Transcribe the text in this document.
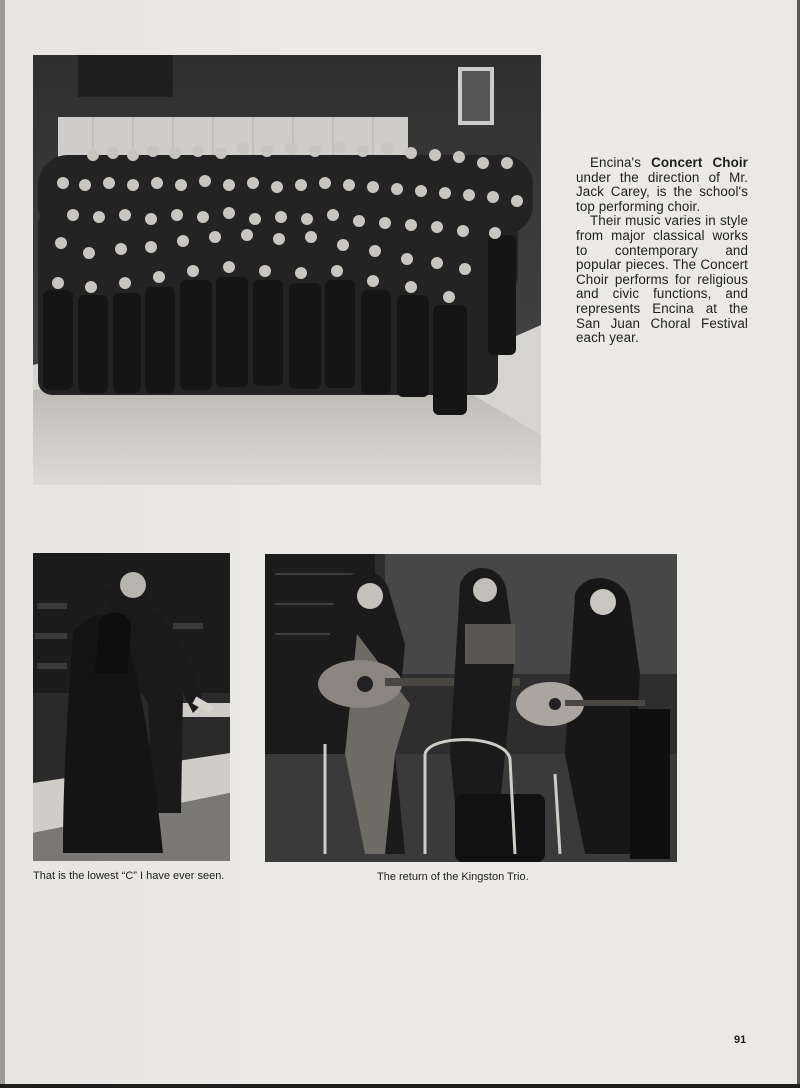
Encina's Concert Choir under the direction of Mr. Jack Carey, is the school's top performing choir.

Their music varies in style from major classical works to contemporary and popular pieces. The Concert Choir performs for religious and civic functions, and represents Encina at the San Juan Choral Festival each year.

That is the lowest “C” I have ever seen.	The return of the Kingston Trio.
91
